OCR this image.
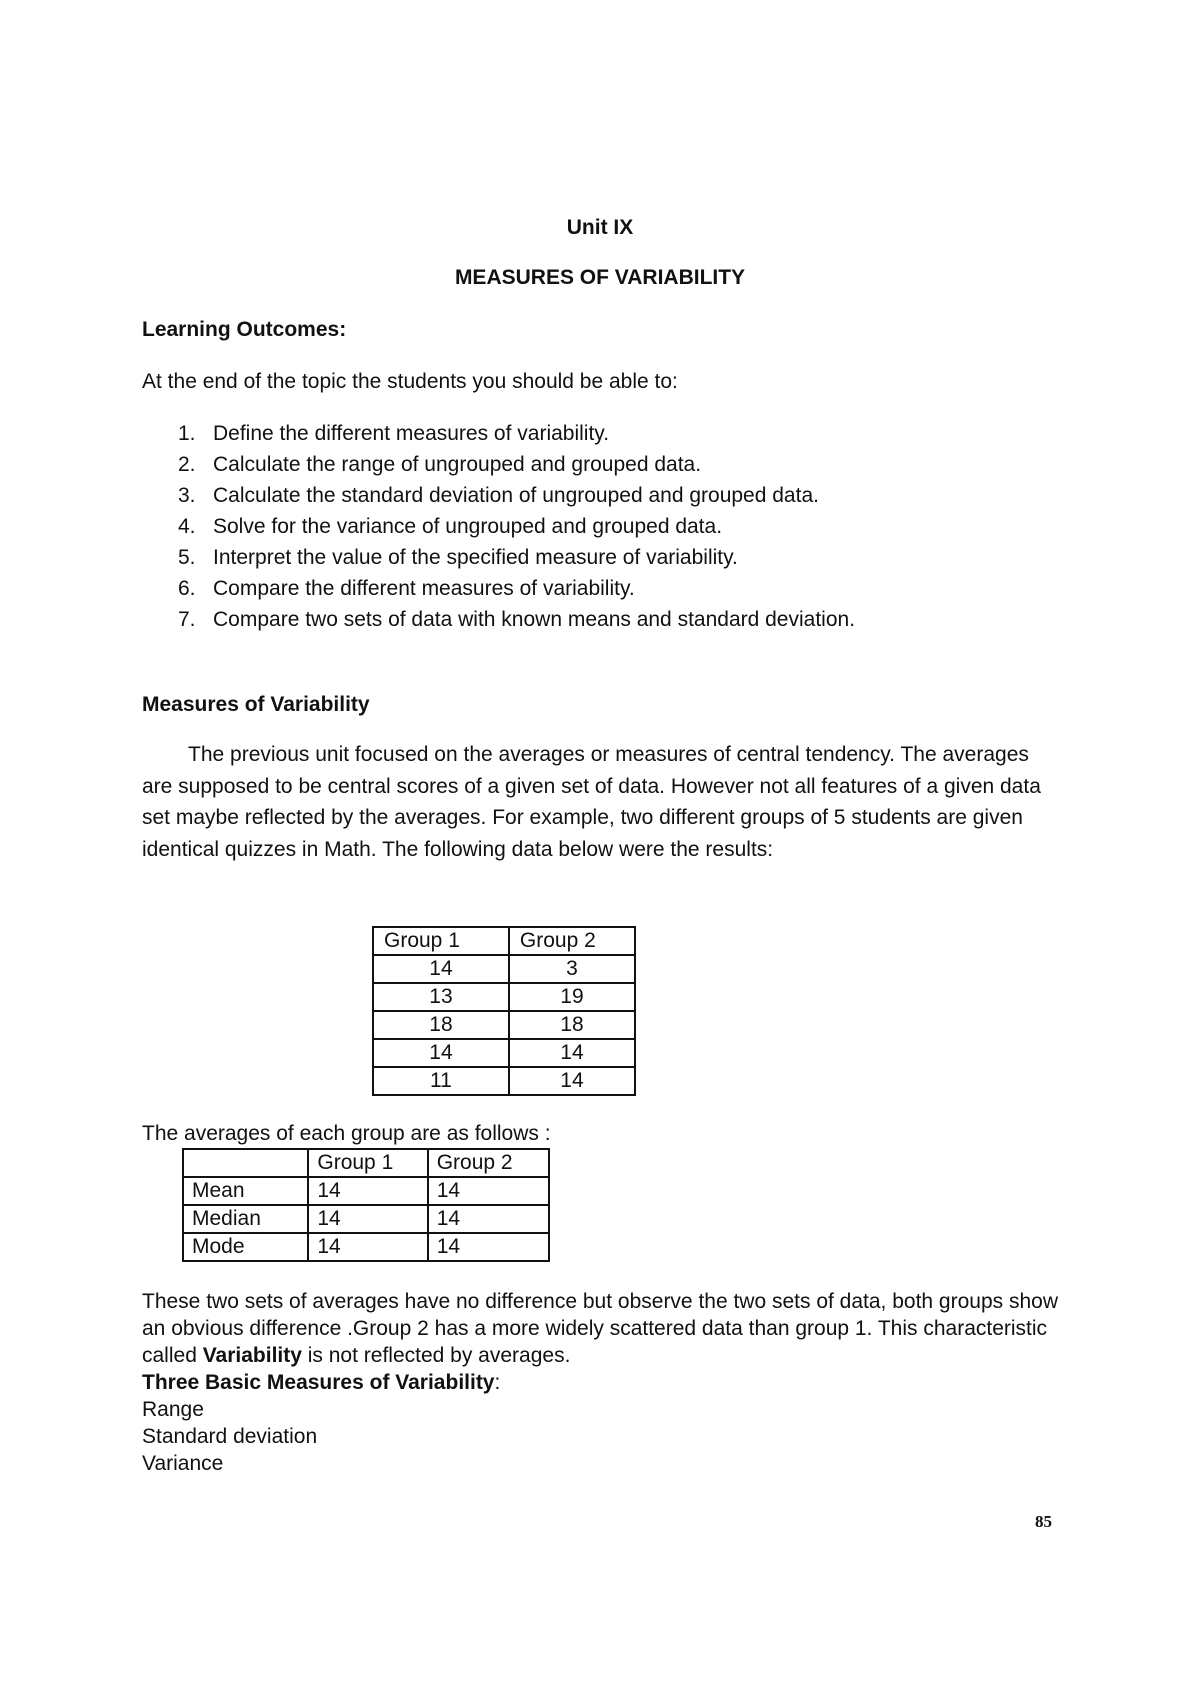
Unit IX
MEASURES OF VARIABILITY
Learning Outcomes:
At the end of the topic the students you should be able to:
1. Define the different measures of variability.
2. Calculate the range of ungrouped and grouped data.
3. Calculate the standard deviation of ungrouped and grouped data.
4. Solve for the variance of ungrouped and grouped data.
5. Interpret the value of the specified measure of variability.
6. Compare the different measures of variability.
7. Compare two sets of data with known means and standard deviation.
Measures of Variability
The previous unit focused on the averages or measures of central tendency. The averages are supposed to be central scores of a given set of data. However not all features of a given data set maybe reflected by the averages. For example, two different groups of 5 students are given identical quizzes in Math. The following data below were the results:
Group 1	Group 2
14	3
13	19
18	18
14	14
11	14
The averages of each group are as follows :
	Group 1	Group 2
Mean	14	14
Median	14	14
Mode	14	14
These two sets of averages have no difference but observe the two sets of data, both groups show an obvious difference .Group 2 has a more widely scattered data than group 1. This characteristic called Variability is not reflected by averages.
Three Basic Measures of Variability:
Range
Standard deviation
Variance
85
